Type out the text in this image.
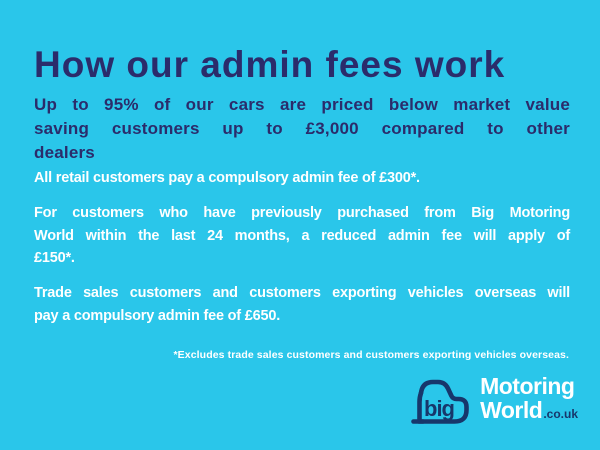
How our admin fees work
Up to 95% of our cars are priced below market value
saving customers up to £3,000 compared to other
dealers
All retail customers pay a compulsory admin fee of £300*.
For customers who have previously purchased from Big Motoring
World within the last 24 months, a reduced admin fee will apply of
£150*.
Trade sales customers and customers exporting vehicles overseas will
pay a compulsory admin fee of £650.
*Excludes trade sales customers and customers exporting vehicles overseas.
big
Motoring
World .co.uk
